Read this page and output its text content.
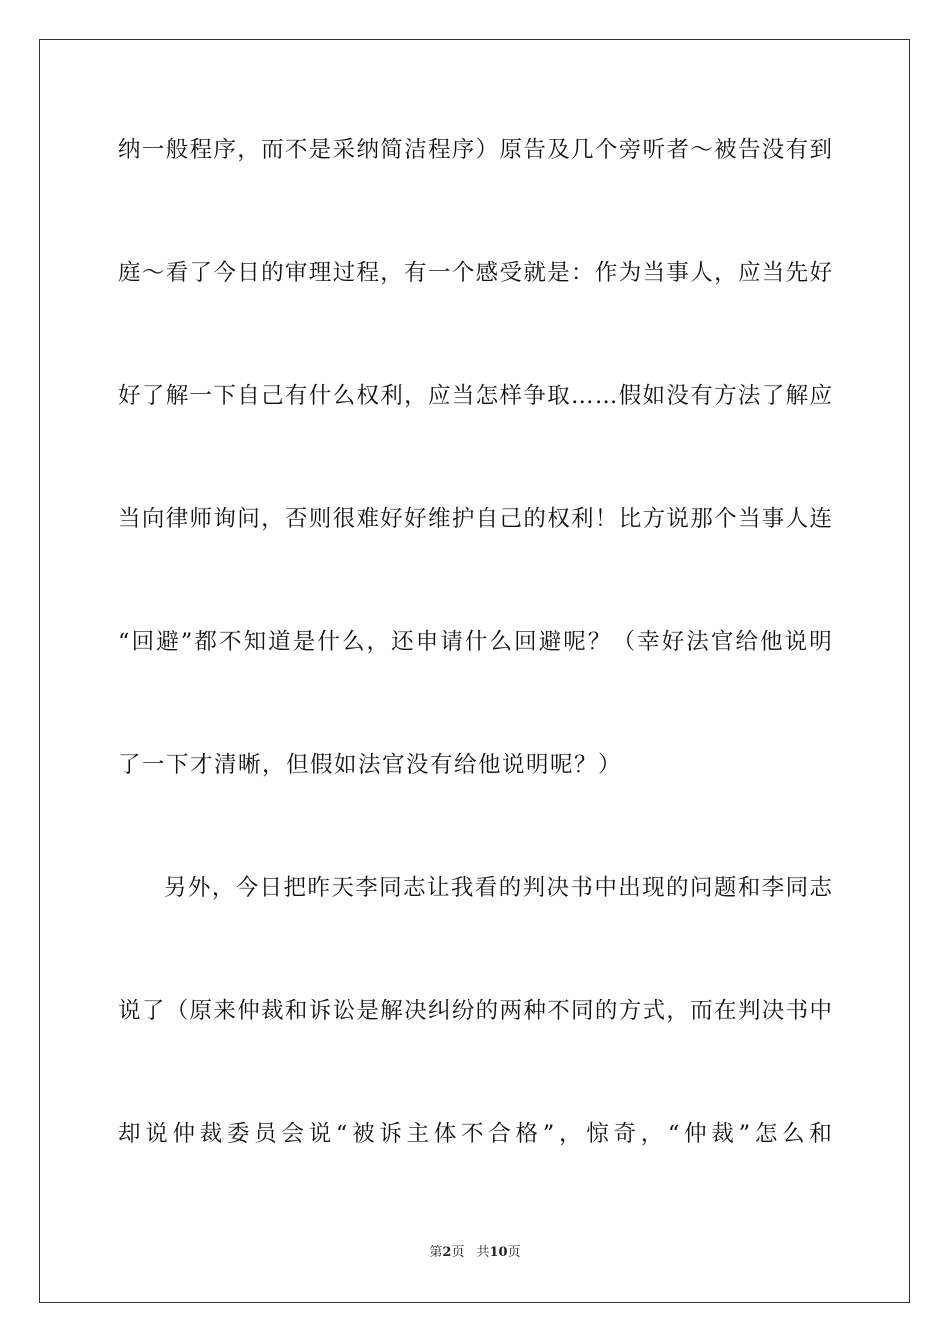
纳 一 般 程 序 ， 而 不 是 采 纳 简 洁 程 序 ） 原 告 及 几 个 旁 听 者 ～ 被 告 没 有 到
庭 ～ 看 了 今 日 的 审 理 过 程 ， 有 一 个 感 受 就 是 ： 作 为 当 事 人 ， 应 当 先 好
好 了 解 一 下 自 己 有 什 么 权 利 ， 应 当 怎 样 争 取 … … 假 如 没 有 方 法 了 解 应
当 向 律 师 询 问 ， 否 则 很 难 好 好 维 护 自 己 的 权 利 ！ 比 方 说 那 个 当 事 人 连
“ 回 避 ” 都 不 知 道 是 什 么 ， 还 申 请 什 么 回 避 呢 ？ （ 幸 好 法 官 给 他 说 明
了一下才清晰，但假如法官没有给他说明呢？）
另 外 ， 今 日 把 昨 天 李 同 志 让 我 看 的 判 决 书 中 出 现 的 问 题 和 李 同 志
说 了 （ 原 来 仲 裁 和 诉 讼 是 解 决 纠 纷 的 两 种 不 同 的 方 式 ， 而 在 判 决 书 中
却 说 仲 裁 委 员 会 说 “ 被 诉 主 体 不 合 格 ” ， 惊 奇 ， “ 仲 裁 ” 怎 么 和
第2页 共10页
